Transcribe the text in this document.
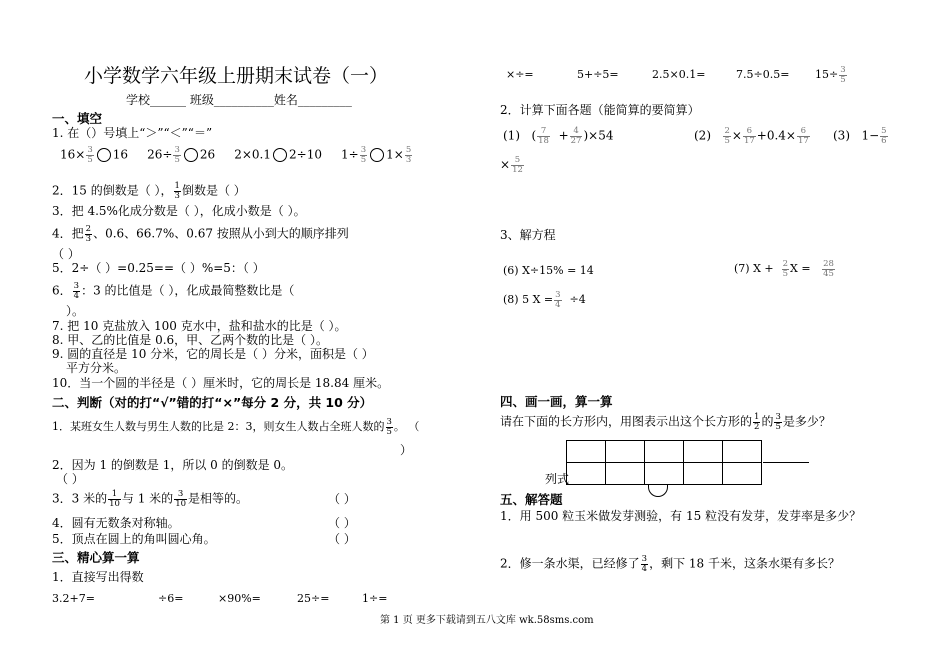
小学数学六年级上册期末试卷（一）
学校______ 班级__________姓名_________
一、填空
1. 在（）号填上“＞”“＜”“＝”
$16\times \frac{3}{5} 16$ $26\div \frac{3}{5} 26$ 2×0.1 2÷10 $1\div \frac{3}{5} 1\times \frac{5}{3}$
2．15 的倒数是（ ）， $\frac{1}{3}$ 倒数是（ ）
3．把 4.5%化成分数是（ ），化成小数是（ ）。
4．把 $\frac{2}{3}$ 、0.6、66.7%、0.67 按照从小到大的顺序排列
（ ）
5．2÷（ ）=0.25==（ ）%=5：（ ）
6． $\frac{3}{4}$ ：3 的比值是（ ），化成最简整数比是（
）。
7. 把 10 克盐放入 100 克水中，盐和盐水的比是（ ）。
8. 甲、乙的比值是 0.6，甲、乙两个数的比是（ ）。
9. 圆的直径是 10 分米，它的周长是（ ）分米，面积是（ ）
平方分米。
10．当一个圆的半径是（ ）厘米时，它的周长是 18.84 厘米。
二、判断（对的打“√”错的打“×”每分 2 分，共 10 分）
1．某班女生人数与男生人数的比是 2：3，则女生人数占全班人数的 $\frac{3}{5}$ 。 （
）
2．因为 1 的倒数是 1，所以 0 的倒数是 0。
（ ）
3．3 米的 $\frac{1}{10}$ 与 1 米的 $\frac{3}{10}$ 是相等的。	（ ）
4．圆有无数条对称轴。	（ ）
5．顶点在圆上的角叫圆心角。	（ ）
三、精心算一算
1．直接写出得数
3.2+7=	÷6=	×90%=	25÷=	1÷=
×÷=	5+÷5=	2.5×0.1=	$7.5\div 0.5= 15\div \frac{3}{5}$
2．计算下面各题（能简算的要简算）
(1)   ( $\frac{7}{18} + \frac{4}{27} )\times 54$	$(2) \frac{2}{5} \times \frac{6}{17} +0.4\times \frac{6}{17} (3)$ $1- \frac{5}{6}$
× $\frac{5}{12}$
3、解方程
(6) X÷15% = 14	(7) $X + \frac{2}{5}$ $X = \frac{28}{45}$
(8) 5 $X = \frac{3}{4} \div 4$
四、画一画，算一算
请在下面的长方形内，用图表示出这个长方形的 $\frac{1}{2}$ 的 $\frac{3}{5}$ 是多少？

列式
五、解答题
1．用 500 粒玉米做发芽测验，有 15 粒没有发芽，发芽率是多少？
2．修一条水渠，已经修了 $\frac{3}{4}$ ，剩下 18 千米，这条水渠有多长？
第 1 页 更多下载请到五八文库 wk.58sms.com
